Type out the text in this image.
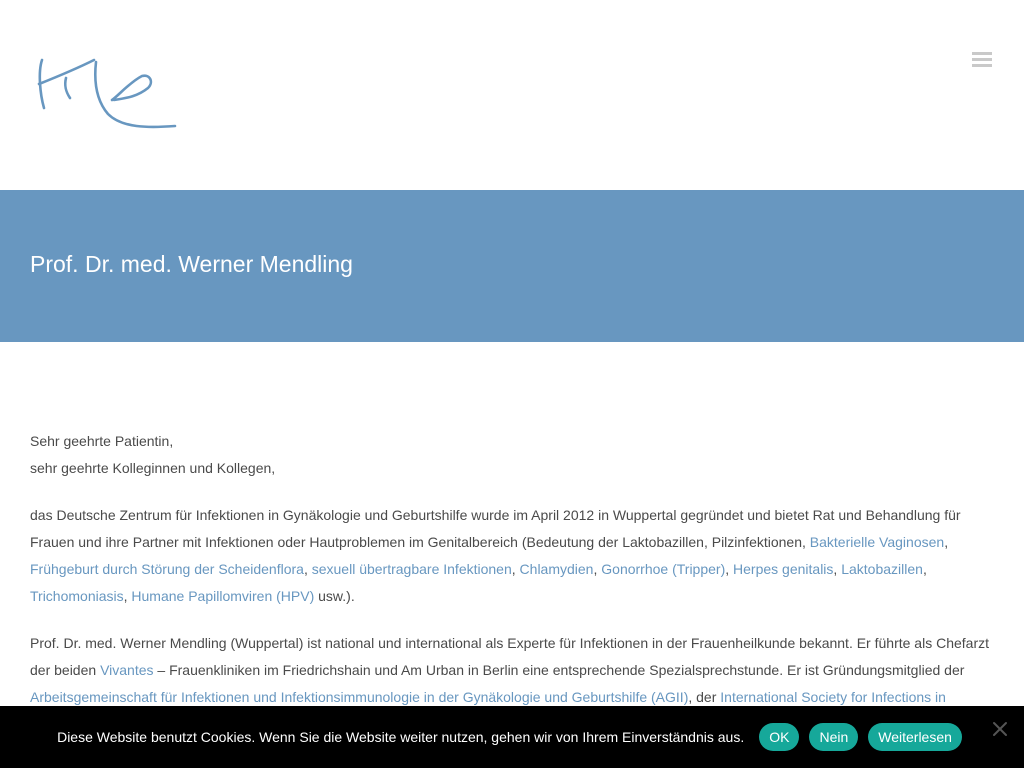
Prof. Dr. med. Werner Mendling

Sehr geehrte Patientin,
sehr geehrte Kolleginnen und Kollegen,

das Deutsche Zentrum für Infektionen in Gynäkologie und Geburtshilfe wurde im April 2012 in Wuppertal gegründet und bietet Rat und Behandlung für Frauen und ihre Partner mit Infektionen oder Hautproblemen im Genitalbereich (Bedeutung der Laktobazillen, Pilzinfektionen, Bakterielle Vaginosen, Frühgeburt durch Störung der Scheidenflora, sexuell übertragbare Infektionen, Chlamydien, Gonorrhoe (Tripper), Herpes genitalis, Laktobazillen, Trichomoniasis, Humane Papillomviren (HPV) usw.).

Prof. Dr. med. Werner Mendling (Wuppertal) ist national und international als Experte für Infektionen in der Frauenheilkunde bekannt. Er führte als Chefarzt der beiden Vivantes – Frauenkliniken im Friedrichshain und Am Urban in Berlin eine entsprechende Spezialsprechstunde. Er ist Gründungsmitglied der Arbeitsgemeinschaft für Infektionen und Infektionsimmunologie in der Gynäkologie und Geburtshilfe (AGII), der International Society for Infections in

Diese Website benutzt Cookies. Wenn Sie die Website weiter nutzen, gehen wir von Ihrem Einverständnis aus.	OK	Nein	Weiterlesen
